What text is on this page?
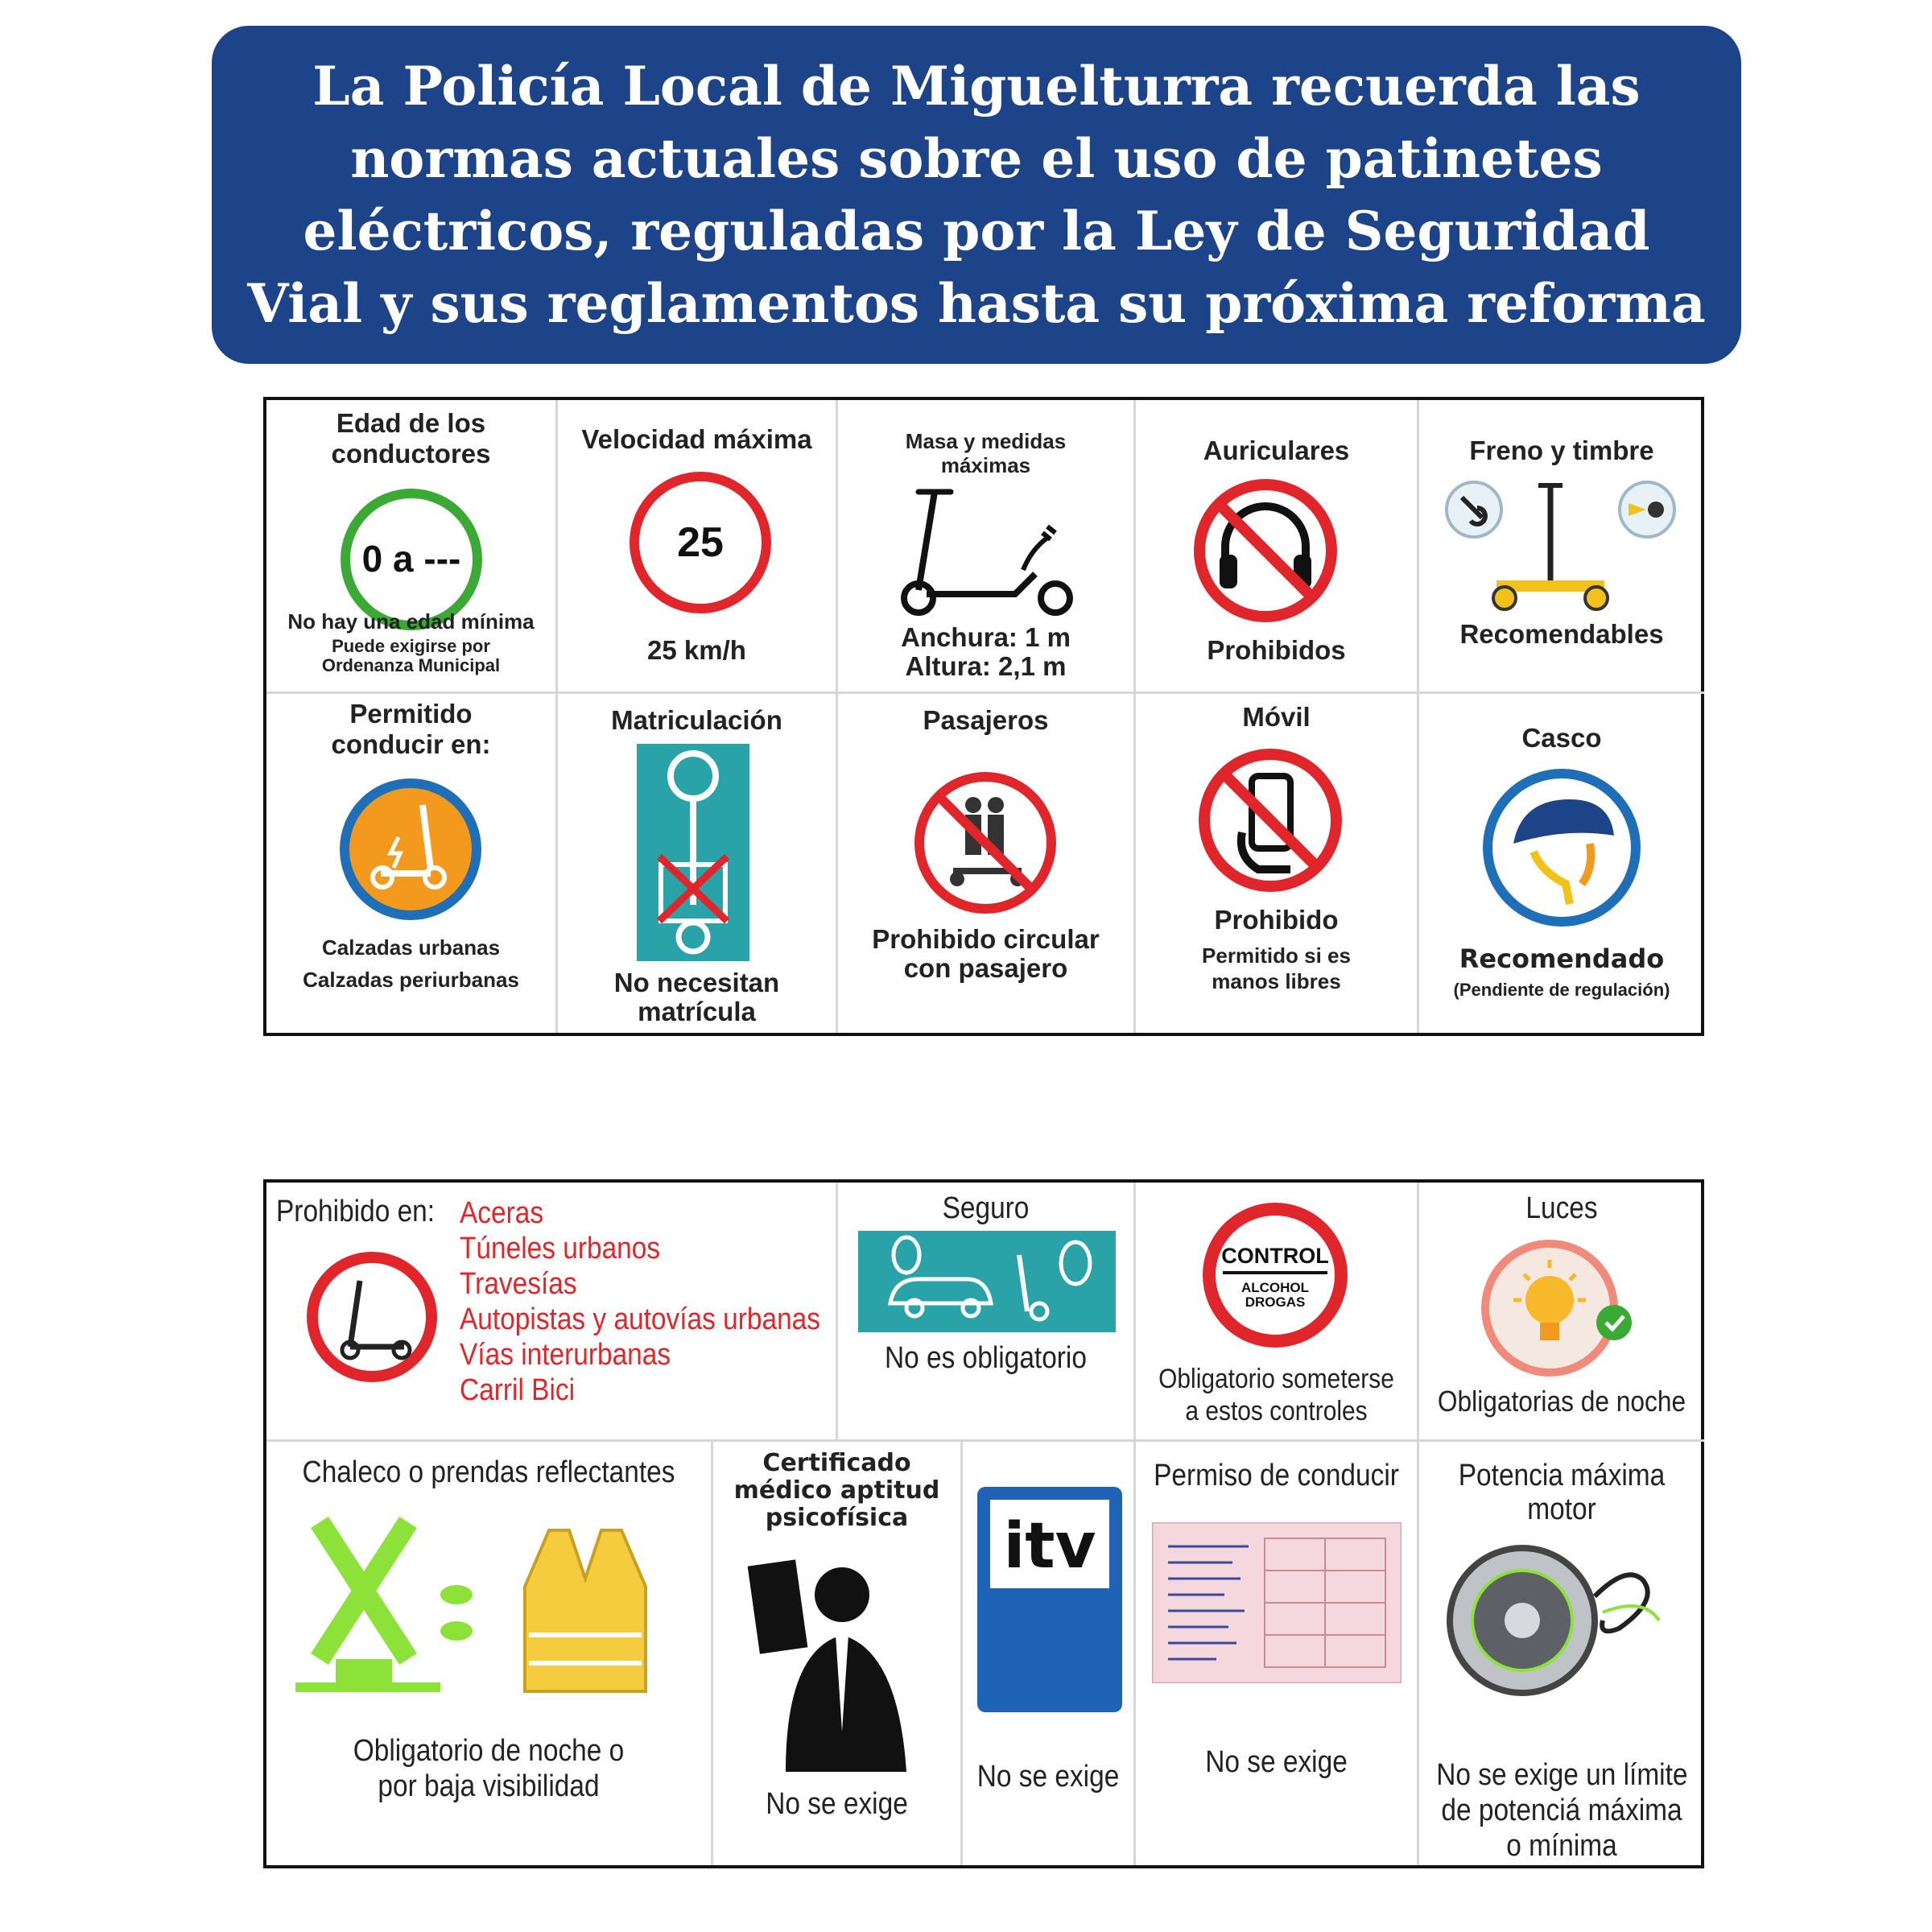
La Policía Local de Miguelturra recuerda las normas actuales sobre el uso de patinetes eléctricos, reguladas por la Ley de Seguridad Vial y sus reglamentos hasta su próxima reforma

Edad de los conductores
0 a ---
No hay una edad mínima
Puede exigirse por
Ordenanza Municipal
Velocidad máxima
25
25 km/h
Masa y medidas
máximas
Anchura: 1 m
Altura: 2,1 m
Auriculares
Prohibidos
Freno y timbre
Recomendables
Permitido
conducir en:
Calzadas urbanas
Calzadas periurbanas
Matriculación
No necesitan
matrícula
Pasajeros
Prohibido circular
con pasajero
Móvil
Prohibido
Permitido si es
manos libres
Casco
Recomendado
(Pendiente de regulación)
Prohibido en: Aceras
Túneles urbanos
Travesías
Autopistas y autovías urbanas
Vías interurbanas
Carril Bici
Seguro
No es obligatorio
CONTROL
ALCOHOL
DROGAS
Obligatorio someterse
a estos controles
Luces
Obligatorias de noche
Chaleco o prendas reflectantes
Obligatorio de noche o
por baja visibilidad
Certificado
médico aptitud
psicofísica
No se exige
itv
No se exige
Permiso de conducir
No se exige
Potencia máxima
motor
No se exige un límite
de potenciá máxima
o mínima
